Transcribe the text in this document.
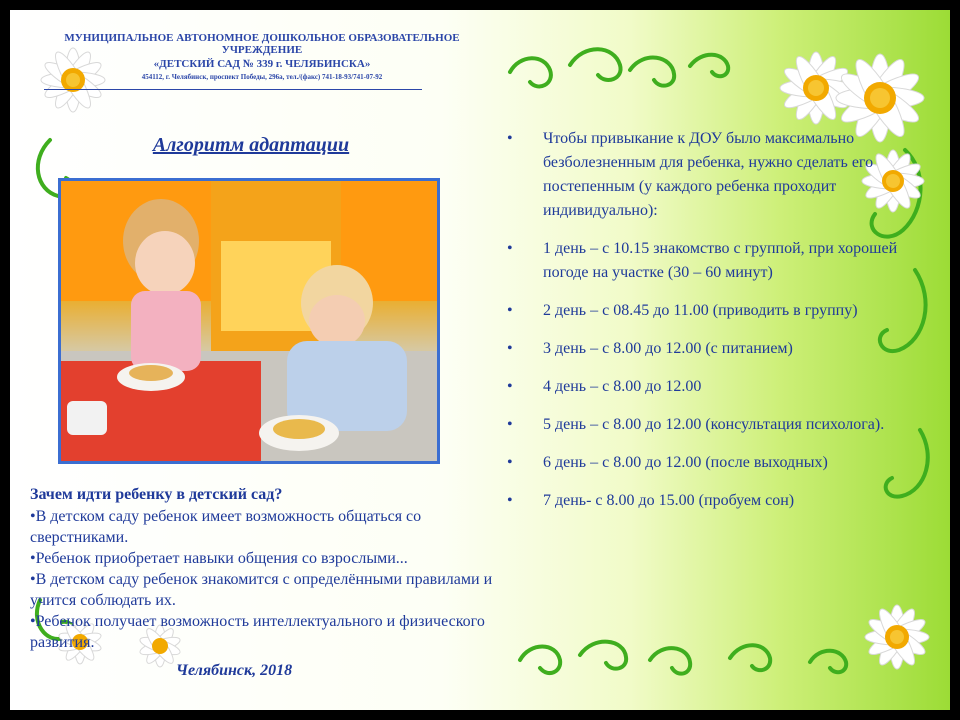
МУНИЦИПАЛЬНОЕ АВТОНОМНОЕ ДОШКОЛЬНОЕ ОБРАЗОВАТЕЛЬНОЕ УЧРЕЖДЕНИЕ
«ДЕТСКИЙ САД № 339 г. ЧЕЛЯБИНСКА»
454112, г. Челябинск, проспект Победы, 296а, тел./(факс) 741-18-93/741-07-92
Алгоритм адаптации
Зачем идти ребенку в детский сад?
•В детском саду ребенок имеет возможность общаться со сверстниками.
•Ребенок приобретает навыки общения со взрослыми...
•В детском саду ребенок знакомится с определёнными правилами и учится соблюдать их.
•Ребенок получает возможность интеллектуального и физического развития.
Челябинск, 2018
• Чтобы привыкание к ДОУ было максимально безболезненным для ребенка, нужно сделать его постепенным (у каждого ребенка проходит индивидуально):
• 1 день – с 10.15 знакомство с группой, при хорошей погоде на участке (30 – 60 минут)
• 2 день – с 08.45 до 11.00 (приводить в группу)
• 3 день – с 8.00 до 12.00 (с питанием)
• 4 день – с 8.00 до 12.00
• 5 день – с 8.00 до 12.00 (консультация психолога).
• 6 день – с 8.00 до 12.00 (после выходных)
• 7 день- с 8.00 до 15.00 (пробуем сон)
